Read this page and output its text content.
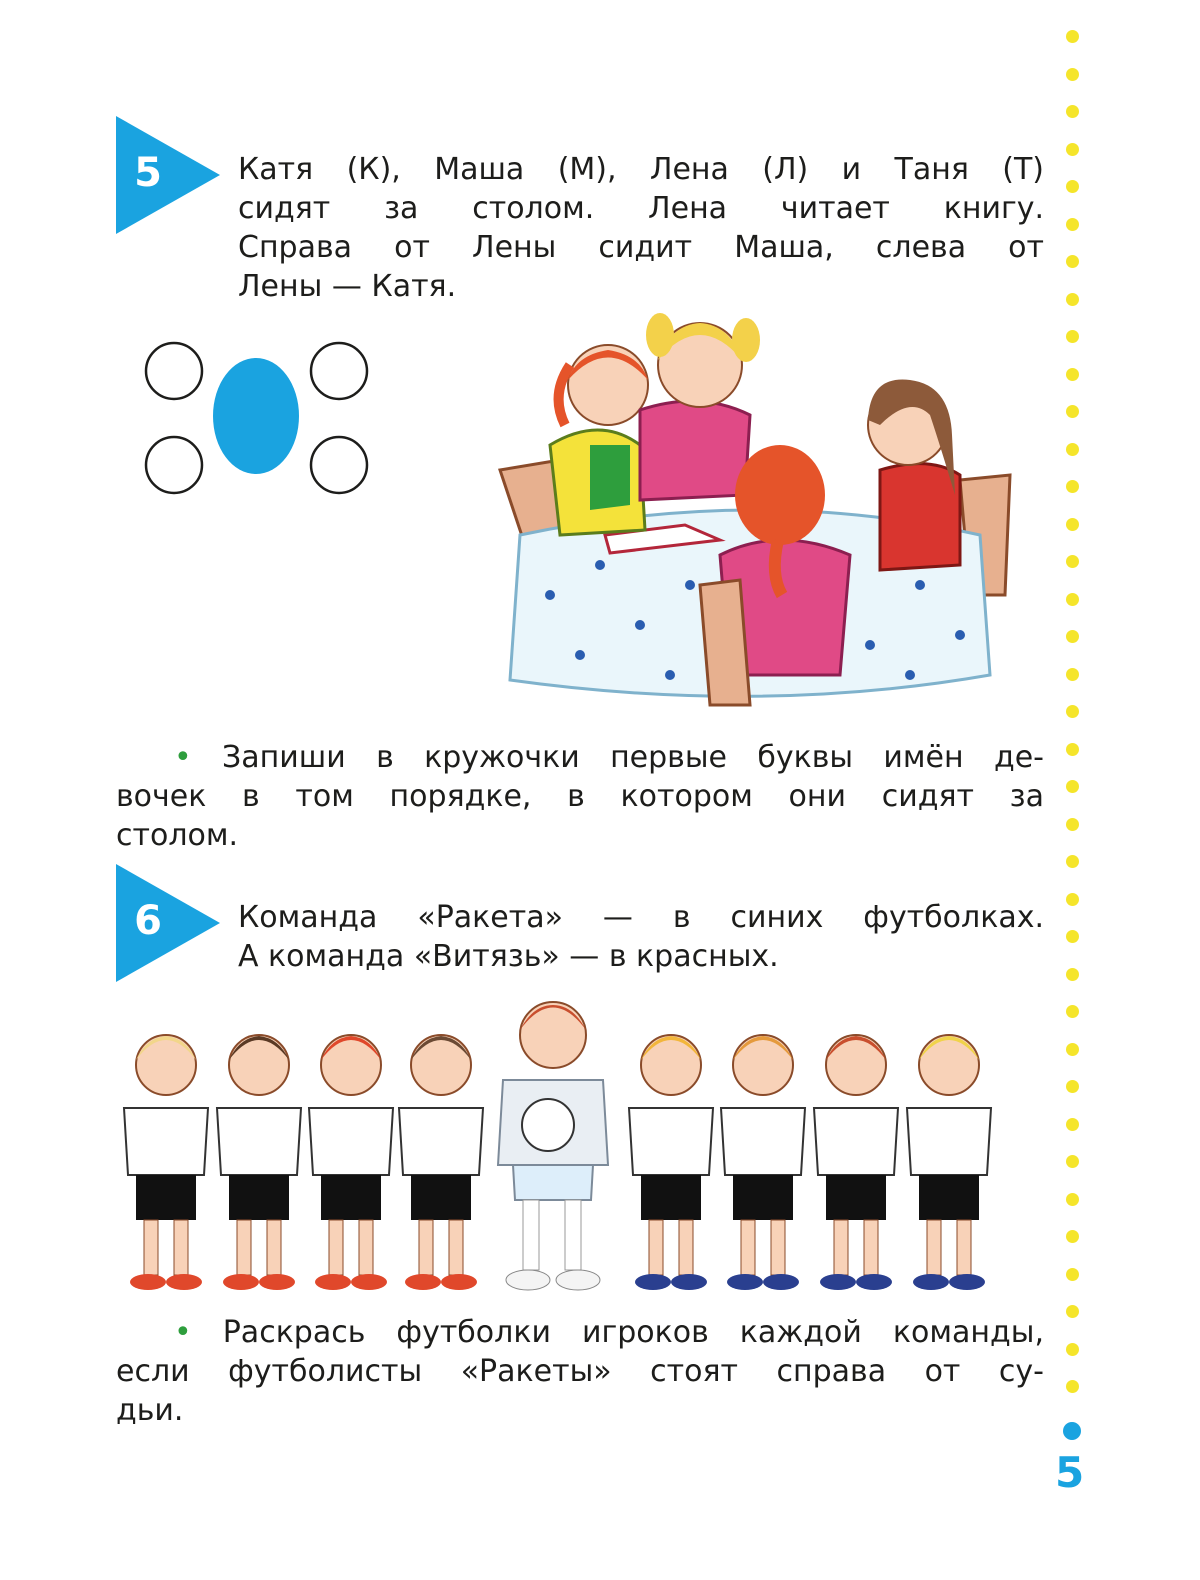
5
5	Катя (К), Маша (М), Лена (Л) и Таня (Т)
сидят за столом. Лена читает книгу.
Справа от Лены сидит Маша, слева от
Лены — Катя.
• Запиши в кружочки первые буквы имён де-
вочек в том порядке, в котором они сидят за
столом.
6	Команда «Ракета» — в синих футболках.
А команда «Витязь» — в красных.
• Раскрась футболки игроков каждой команды,
если футболисты «Ракеты» стоят справа от су-
дьи.
